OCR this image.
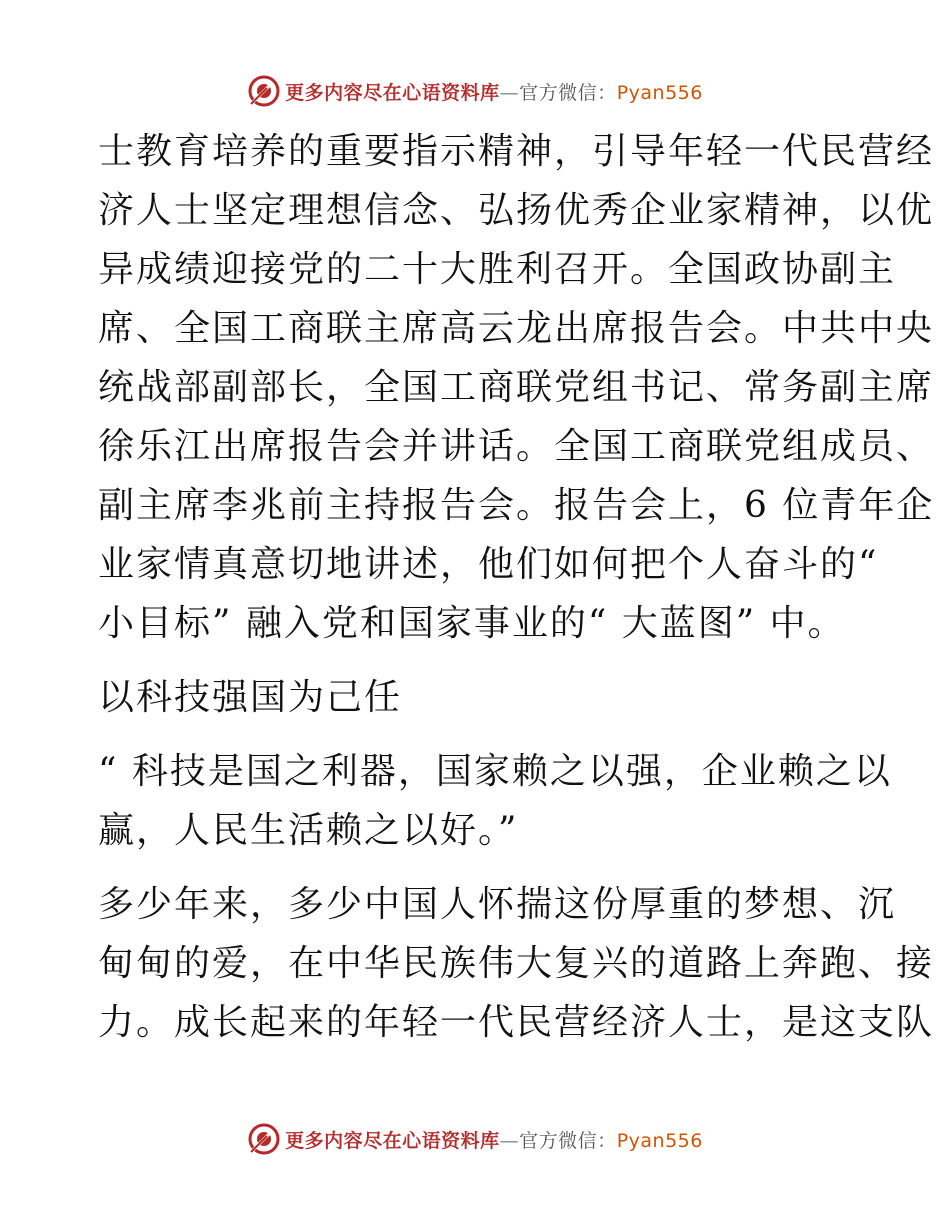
更多内容尽在心语资料库—官方微信：Pyan556
士教育培养的重要指示精神，引导年轻一代民营经
济人士坚定理想信念、弘扬优秀企业家精神，以优
异成绩迎接党的二十大胜利召开。全国政协副主
席、全国工商联主席高云龙出席报告会。中共中央
统战部副部长，全国工商联党组书记、常务副主席
徐乐江出席报告会并讲话。全国工商联党组成员、
副主席李兆前主持报告会。报告会上，6 位青年企
业家情真意切地讲述，他们如何把个人奋斗的“
小目标” 融入党和国家事业的“ 大蓝图” 中。
以科技强国为己任
“ 科技是国之利器，国家赖之以强，企业赖之以
赢，人民生活赖之以好。”
多少年来，多少中国人怀揣这份厚重的梦想、沉
甸甸的爱，在中华民族伟大复兴的道路上奔跑、接
力。成长起来的年轻一代民营经济人士，是这支队
更多内容尽在心语资料库—官方微信：Pyan556
